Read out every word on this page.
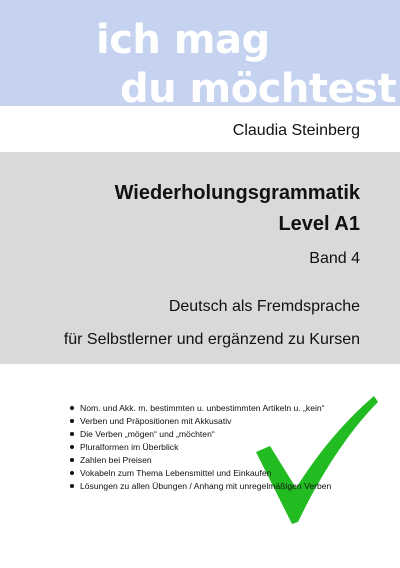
ich mag
du möchtest
Claudia Steinberg
Wiederholungsgrammatik
Level A1
Band 4
Deutsch als Fremdsprache
für Selbstlerner und ergänzend zu Kursen
Nom. und Akk. m. bestimmten u. unbestimmten Artikeln u. „kein“
Verben und Präpositionen mit Akkusativ
Die Verben „mögen“ und „möchten“
Pluralformen im Überblick
Zahlen bei Preisen
Vokabeln zum Thema Lebensmittel und Einkaufen
Lösungen zu allen Übungen / Anhang mit unregelmäßigen Verben
